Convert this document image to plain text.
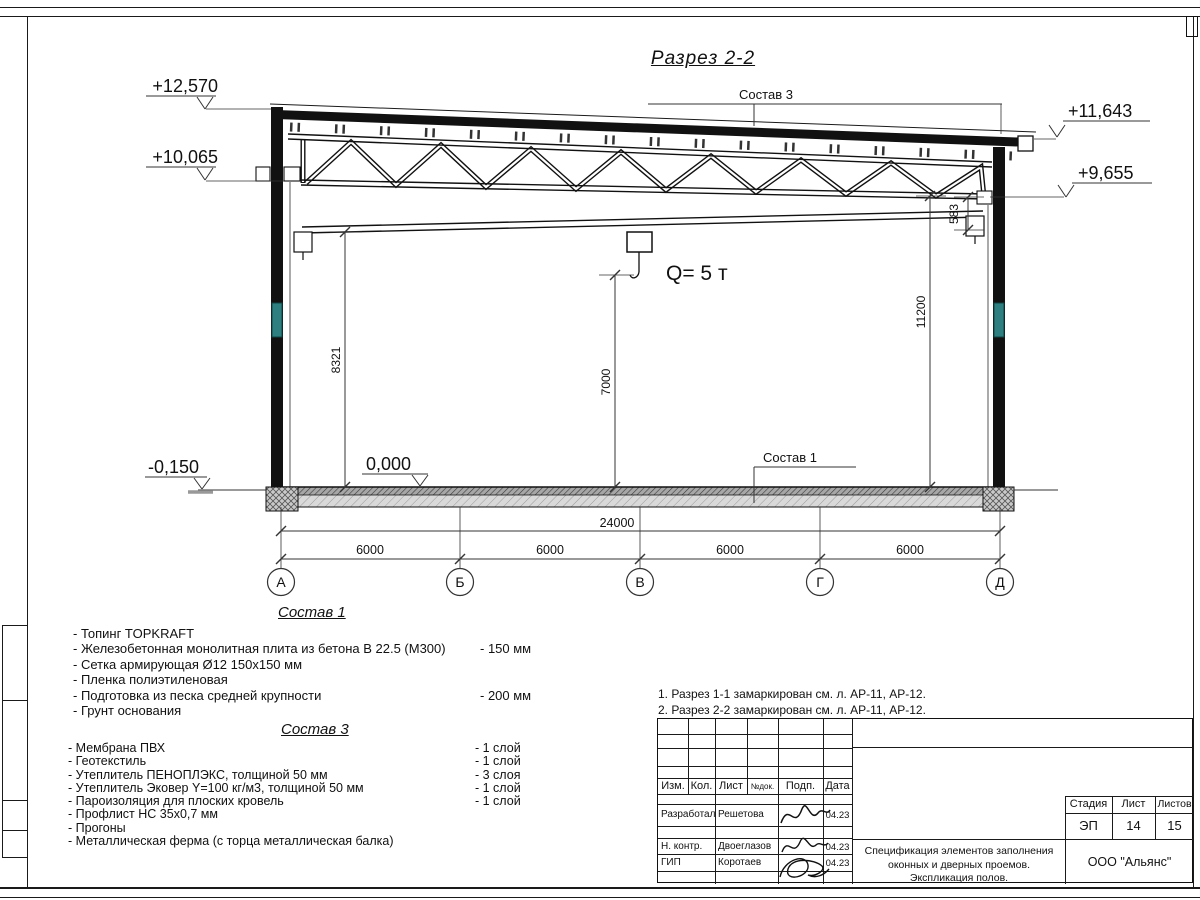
Разрез 2-2
Q= 5 т
Состав 3
Состав 1
+12,570
+10,065
+11,643
+9,655
0,000
-0,150
8321
7000
11200
583
24000
6000	6000	6000	6000
А	Б	В	Г	Д
Состав 1
- Топинг TOPKRAFT
- Железобетонная монолитная плита из бетона В 22.5 (М300)	- 150 мм
- Сетка армирующая Ø12 150х150 мм
- Пленка полиэтиленовая
- Подготовка из песка средней крупности	- 200 мм
- Грунт основания
Состав 3
- Мембрана ПВХ	- 1 слой
- Геотекстиль	- 1 слой
- Утеплитель ПЕНОПЛЭКС, толщиной 50 мм	- 3 слоя
- Утеплитель Эковер Y=100 кг/м3, толщиной 50 мм	- 1 слой
- Пароизоляция для плоских кровель	- 1 слой
- Профлист НС 35х0,7 мм
- Прогоны
- Металлическая ферма (с торца металлическая балка)
1. Разрез 1-1 замаркирован см. л. АР-11, АР-12.
2. Разрез 2-2 замаркирован см. л. АР-11, АР-12.
Изм. Кол. Лист №док.	Подп. Дата
Разработал Решетова	04.23
Н. контр. Двоеглазов	04.23
ГИП	Коротаев	04.23
Стадия	Лист	Листов
ЭП	14	15
Спецификация элементов заполнения оконных и дверных проемов. Экспликация полов.
ООО "Альянс"
